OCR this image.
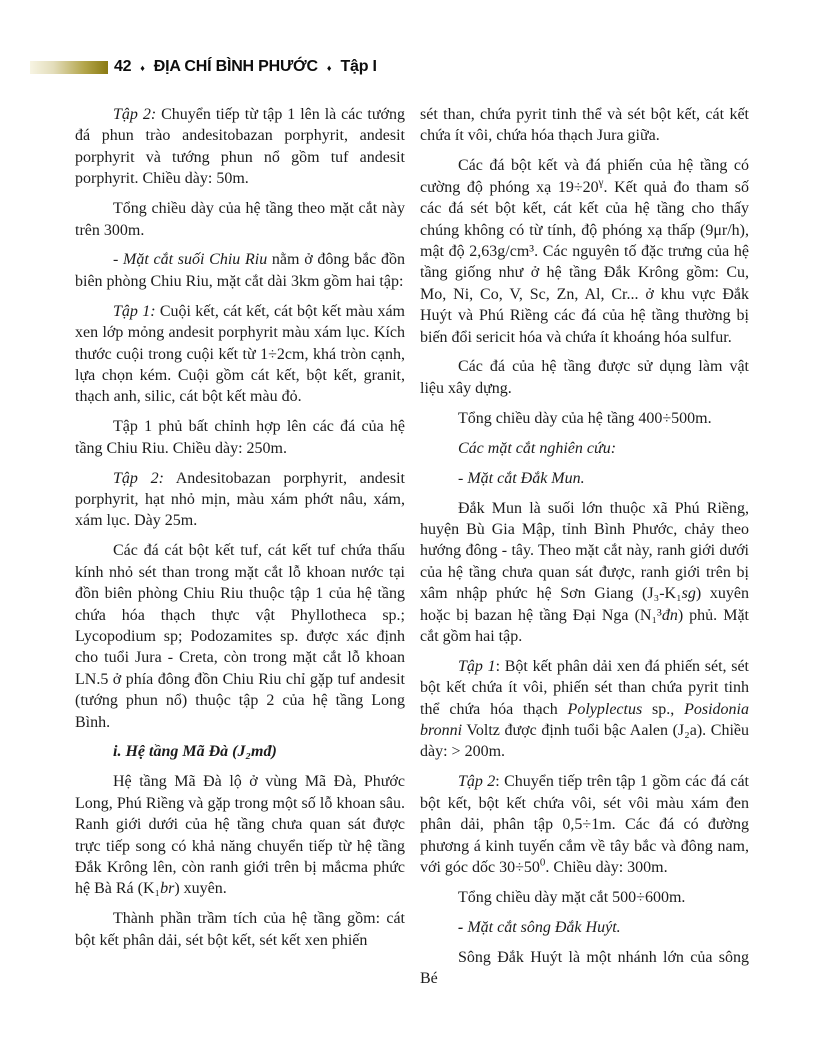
42 ♦ ĐỊA CHÍ BÌNH PHƯỚC ♦ Tập I

Tập 2: Chuyển tiếp từ tập 1 lên là các tướng đá phun trào andesitobazan porphyrit, andesit porphyrit và tướng phun nổ gồm tuf andesit porphyrit. Chiều dày: 50m.

Tổng chiều dày của hệ tầng theo mặt cắt này trên 300m.

- Mặt cắt suối Chiu Riu nằm ở đông bắc đồn biên phòng Chiu Riu, mặt cắt dài 3km gồm hai tập:

Tập 1: Cuội kết, cát kết, cát bột kết màu xám xen lớp mỏng andesit porphyrit màu xám lục. Kích thước cuội trong cuội kết từ 1÷2cm, khá tròn cạnh, lựa chọn kém. Cuội gồm cát kết, bột kết, granit, thạch anh, silic, cát bột kết màu đỏ.

Tập 1 phủ bất chỉnh hợp lên các đá của hệ tầng Chiu Riu. Chiều dày: 250m.

Tập 2: Andesitobazan porphyrit, andesit porphyrit, hạt nhỏ mịn, màu xám phớt nâu, xám, xám lục. Dày 25m.

Các đá cát bột kết tuf, cát kết tuf chứa thấu kính nhỏ sét than trong mặt cắt lỗ khoan nước tại đồn biên phòng Chiu Riu thuộc tập 1 của hệ tầng chứa hóa thạch thực vật Phyllotheca sp.; Lycopodium sp; Podozamites sp. được xác định cho tuổi Jura - Creta, còn trong mặt cắt lỗ khoan LN.5 ở phía đông đồn Chiu Riu chỉ gặp tuf andesit (tướng phun nổ) thuộc tập 2 của hệ tầng Long Bình.

i. Hệ tầng Mã Đà (J₂mđ)

Hệ tầng Mã Đà lộ ở vùng Mã Đà, Phước Long, Phú Riềng và gặp trong một số lỗ khoan sâu. Ranh giới dưới của hệ tầng chưa quan sát được trực tiếp song có khả năng chuyển tiếp từ hệ tầng Đắk Krông lên, còn ranh giới trên bị mắcma phức hệ Bà Rá (K₁br) xuyên.

Thành phần trầm tích của hệ tầng gồm: cát bột kết phân dải, sét bột kết, sét kết xen phiến

sét than, chứa pyrit tinh thể và sét bột kết, cát kết chứa ít vôi, chứa hóa thạch Jura giữa.

Các đá bột kết và đá phiến của hệ tầng có cường độ phóng xạ $19\div 20^\gamma$. Kết quả đo tham số các đá sét bột kết, cát kết của hệ tầng cho thấy chúng không có từ tính, độ phóng xạ thấp (9μr/h), mật độ 2,63g/cm³. Các nguyên tố đặc trưng của hệ tầng giống như ở hệ tầng Đắk Krông gồm: Cu, Mo, Ni, Co, V, Sc, Zn, Al, Cr... ở khu vực Đắk Huýt và Phú Riềng các đá của hệ tầng thường bị biến đổi sericit hóa và chứa ít khoáng hóa sulfur.

Các đá của hệ tầng được sử dụng làm vật liệu xây dựng.

Tổng chiều dày của hệ tầng 400÷500m.

Các mặt cắt nghiên cứu:

- Mặt cắt Đắk Mun.

Đắk Mun là suối lớn thuộc xã Phú Riềng, huyện Bù Gia Mập, tỉnh Bình Phước, chảy theo hướng đông - tây. Theo mặt cắt này, ranh giới dưới của hệ tầng chưa quan sát được, ranh giới trên bị xâm nhập phức hệ Sơn Giang (J₃-K₁sg) xuyên hoặc bị bazan hệ tầng Đại Nga (N₁³đn) phủ. Mặt cắt gồm hai tập.

Tập 1: Bột kết phân dải xen đá phiến sét, sét bột kết chứa ít vôi, phiến sét than chứa pyrit tinh thể chứa hóa thạch Polyplectus sp., Posidonia bronni Voltz được định tuổi bậc Aalen (J₂a). Chiều dày: > 200m.

Tập 2: Chuyển tiếp trên tập 1 gồm các đá cát bột kết, bột kết chứa vôi, sét vôi màu xám đen phân dải, phân tập 0,5÷1m. Các đá có đường phương á kinh tuyến cắm về tây bắc và đông nam, với góc dốc $30\div 50^0$. Chiều dày: 300m.

Tổng chiều dày mặt cắt 500÷600m.

- Mặt cắt sông Đắk Huýt.

Sông Đắk Huýt là một nhánh lớn của sông Bé
